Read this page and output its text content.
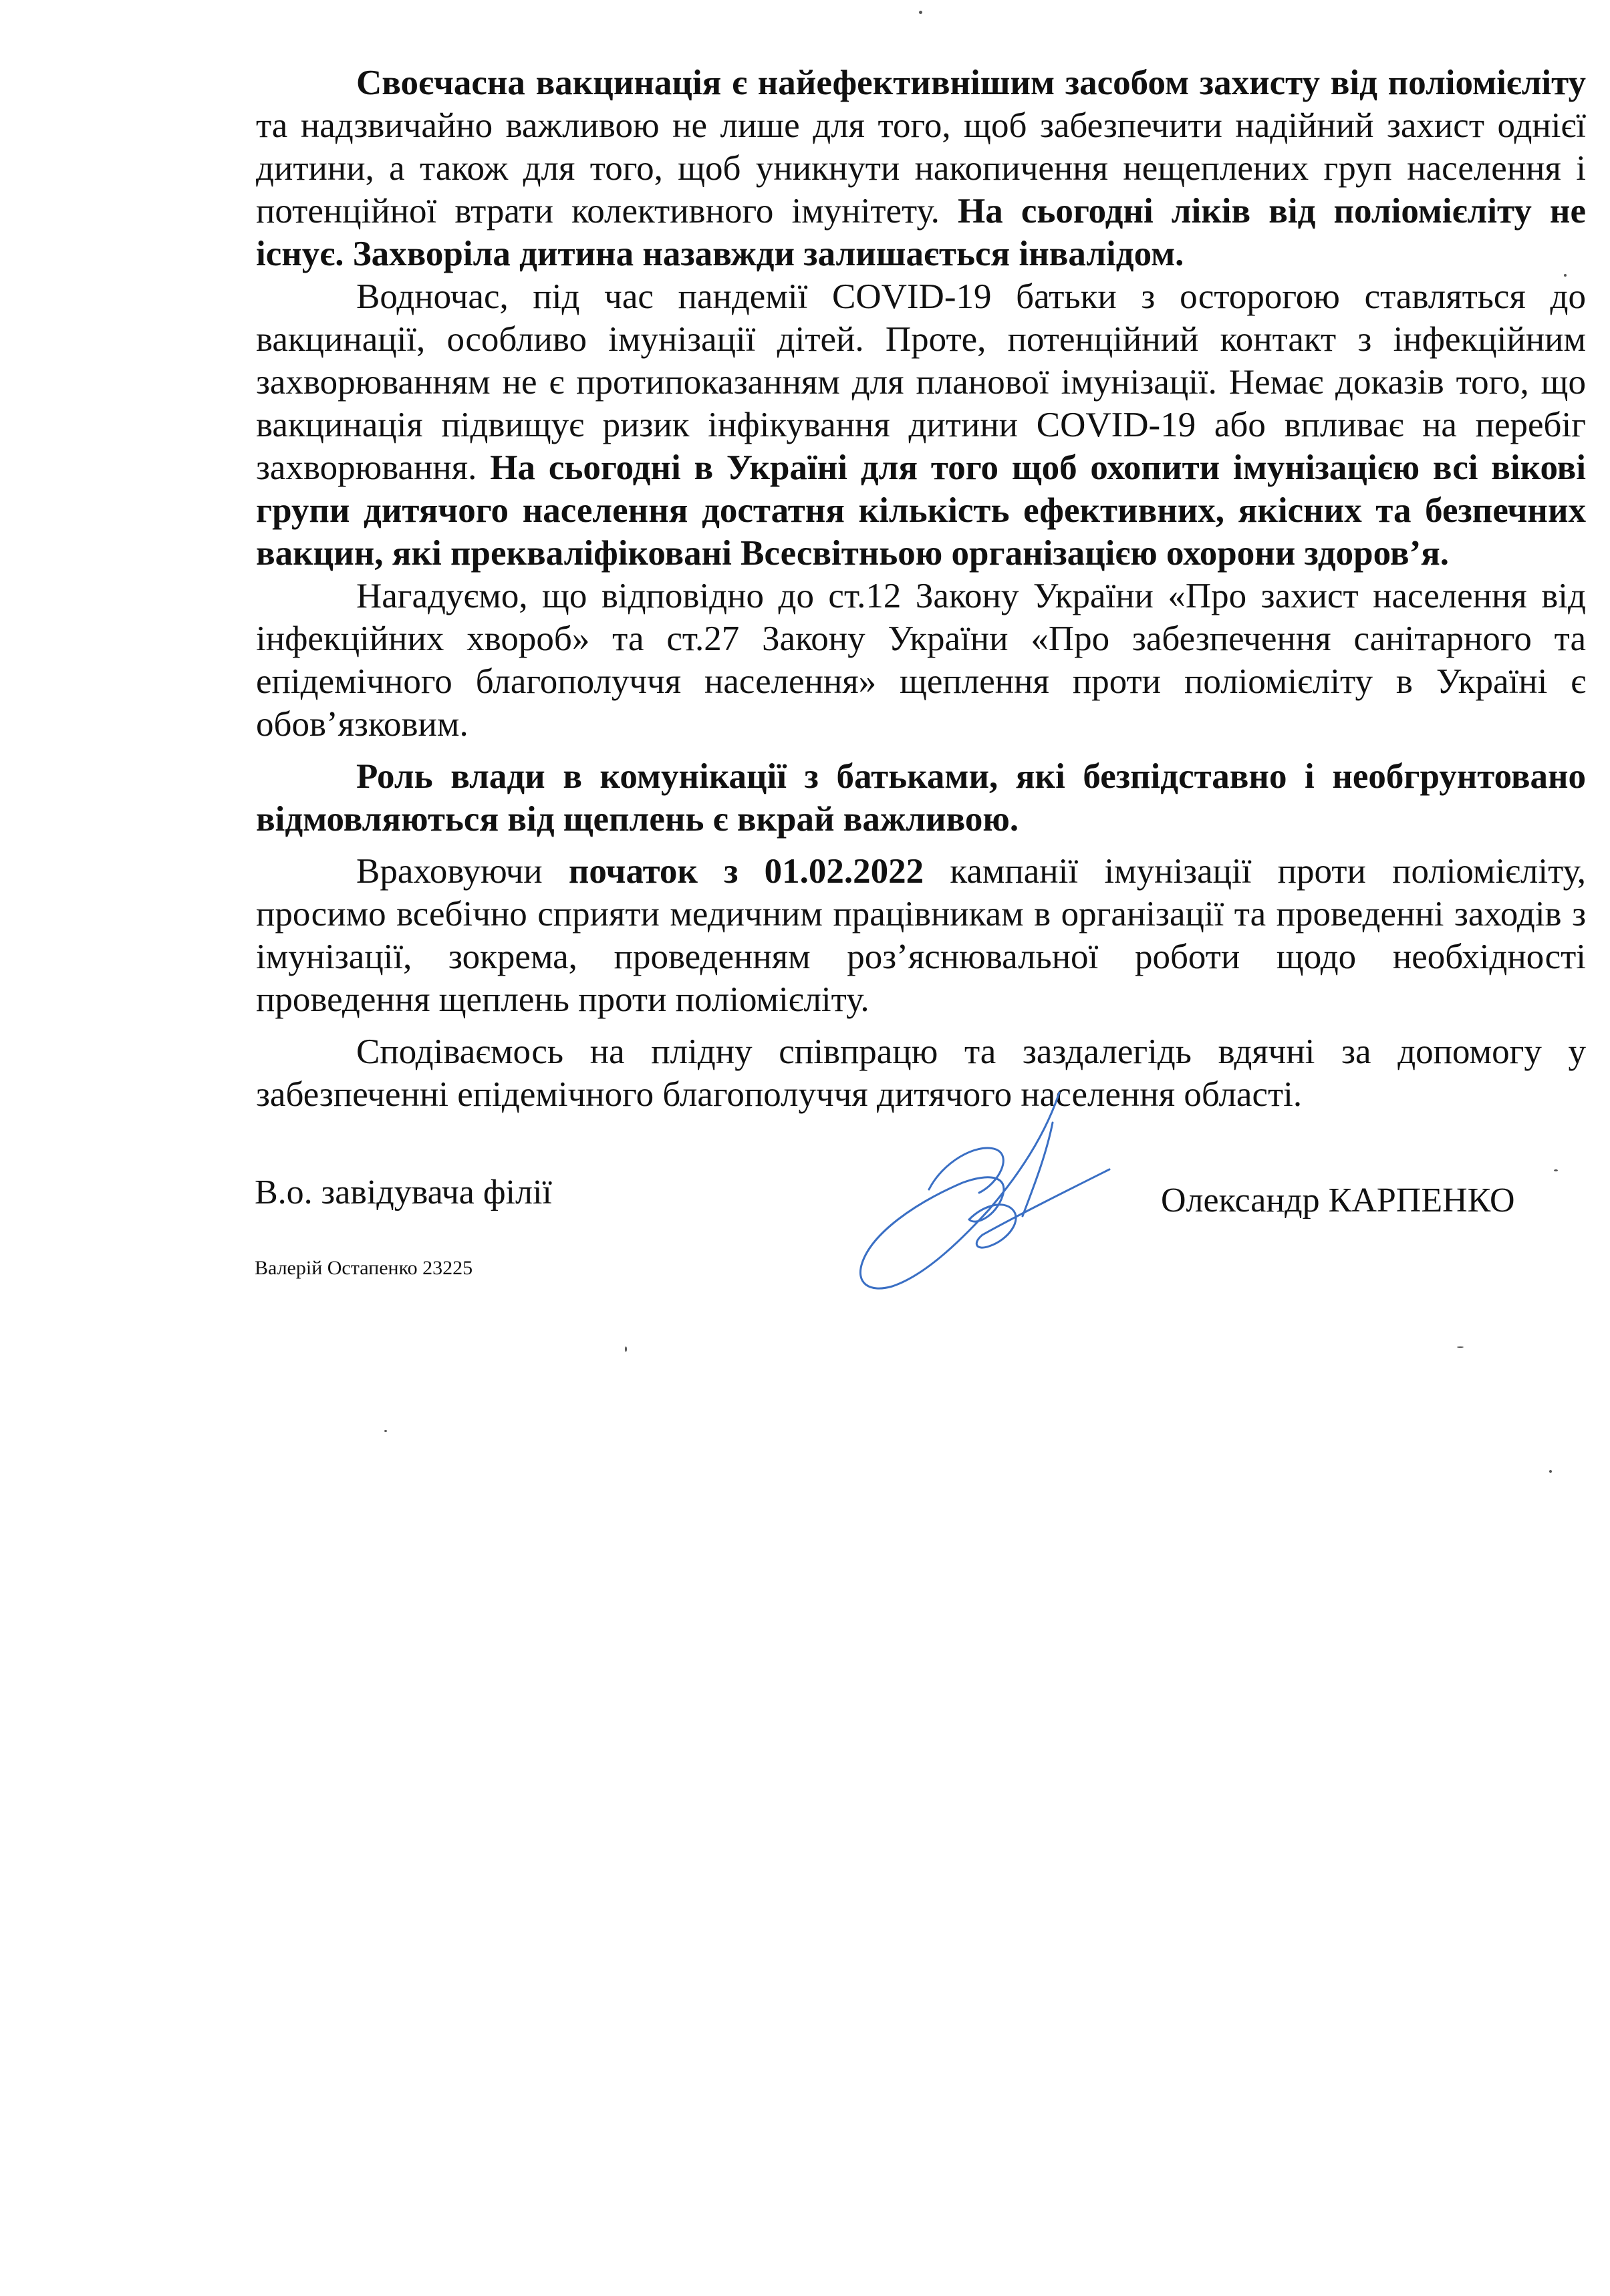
Своєчасна вакцинація є найефективнішим засобом захисту від поліомієліту та надзвичайно важливою не лише для того, щоб забезпечити надійний захист однієї дитини, а також для того, щоб уникнути накопичення нещеплених груп населення і потенційної втрати колективного імунітету. На сьогодні ліків від поліомієліту не існує. Захворіла дитина назавжди залишається інвалідом.

Водночас, під час пандемії COVID-19 батьки з осторогою ставляться до вакцинації, особливо імунізації дітей. Проте, потенційний контакт з інфекційним захворюванням не є протипоказанням для планової імунізації. Немає доказів того, що вакцинація підвищує ризик інфікування дитини COVID-19 або впливає на перебіг захворювання. На сьогодні в Україні для того щоб охопити імунізацією всі вікові групи дитячого населення достатня кількість ефективних, якісних та безпечних вакцин, які преквалiфiкованi Всесвітньою організацією охорони здоров’я.

Нагадуємо, що відповідно до ст.12 Закону України «Про захист населення від інфекційних хвороб» та ст.27 Закону України «Про забезпечення санітарного та епідемічного благополуччя населення» щеплення проти поліомієліту в Україні є обов’язковим.

Роль влади в комунікації з батьками, які безпідставно і необгрунтовано відмовляються від щеплень є вкрай важливою.

Враховуючи початок з 01.02.2022 кампанії імунізації проти поліомієліту, просимо всебічно сприяти медичним працівникам в організації та проведенні заходів з імунізації, зокрема, проведенням роз’яснювальної роботи щодо необхідності проведення щеплень проти поліомієліту.

Сподіваємось на плідну співпрацю та заздалегідь вдячні за допомогу у забезпеченні епідемічного благополуччя дитячого населення області.

В.о. завідувача філії	Олександр КАРПЕНКО
Валерій Остапенко 23225
